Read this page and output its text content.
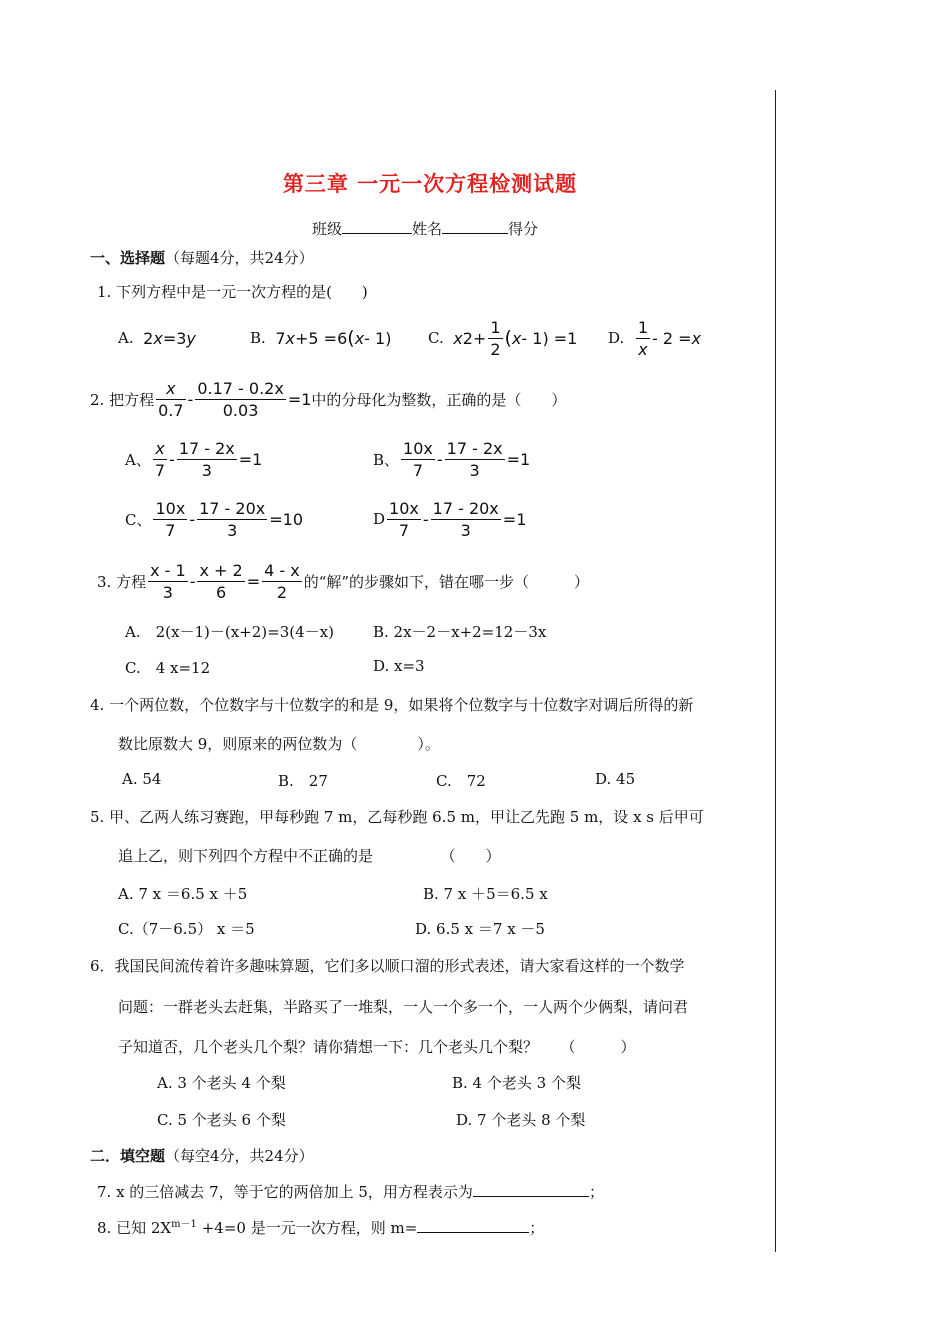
第三章 一元一次方程检测试题
班级	姓名	得分
一、选择题（每题4分，共24分）
1. 下列方程中是一元一次方程的是(　　)
A.
2 x =3 y	B.
7 x +5 =6 ( x - 1) C.
x $2 + \frac{1}{2}$ ( x - 1) =1 D.
$\frac{1}{x} - 2 = x$
2. 把方程 $\frac{x}{0.7} - \frac{0.17 - 0.2x}{0.03} =1$ 中的分母化为整数，正确的是（　　）
A、 $\frac{x}{7} - \frac{17 - 2x}{3} =1$	B、 $\frac{10x}{7} - \frac{17 - 2x}{3} =1$
C、 $\frac{10x}{7} - \frac{17 - 20x}{3} =10$	D $\frac{10x}{7} - \frac{17 - 20x}{3} =1$
3. 方程 $\frac{x - 1}{3} - \frac{x + 2}{6} = \frac{4 - x}{2}$ 的“解”的步骤如下，错在哪一步（　　　）
A.　2(x－1)－(x+2)=3(4－x)	B. 2x－2－x+2=12－3x
C.　4 x=12	D. x=3
4. 一个两位数，个位数字与十位数字的和是 9，如果将个位数字与十位数字对调后所得的新
数比原数大 9，则原来的两位数为（　　　　）。
A. 54	B.　27	C.　72	D. 45
5. 甲、乙两人练习赛跑，甲每秒跑 7 m，乙每秒跑 6.5 m，甲让乙先跑 5 m，设 x s 后甲可
追上乙，则下列四个方程中不正确的是　　　　　（　　）
A. 7 x ＝6.5 x ＋5	B. 7 x ＋5＝6.5 x
C.（7－6.5） x ＝5	D. 6.5 x ＝7 x －5
6．我国民间流传着许多趣味算题，它们多以顺口溜的形式表述，请大家看这样的一个数学
问题：一群老头去赶集，半路买了一堆梨，一人一个多一个，一人两个少俩梨，请问君
子知道否，几个老头几个梨？请你猜想一下：几个老头几个梨？　　（　　　）
A. 3 个老头 4 个梨	B. 4 个老头 3 个梨
C. 5 个老头 6 个梨	D. 7 个老头 8 个梨
二．填空题（每空4分，共24分）
7. x 的三倍减去 7，等于它的两倍加上 5，用方程表示为	；
8. 已知 $2X^{m-1} +4=0$ 是一元一次方程，则 m=	；
